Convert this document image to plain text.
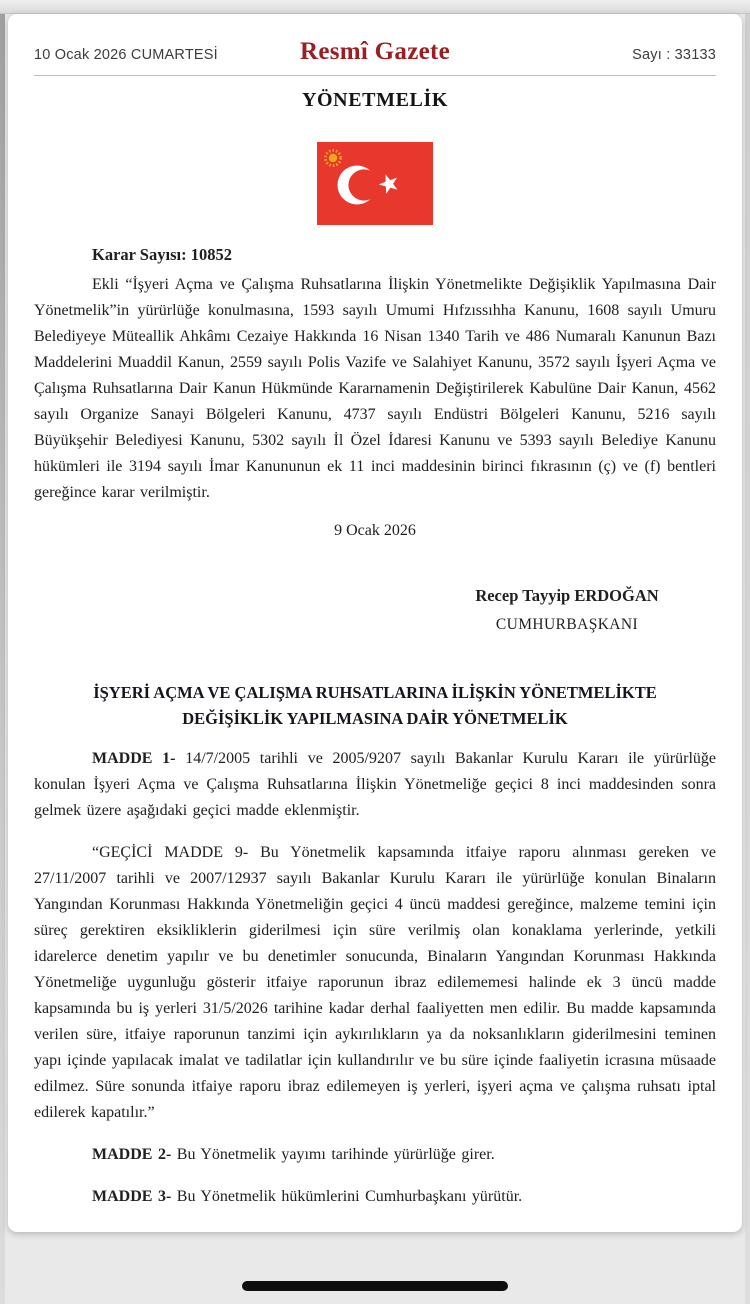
10 Ocak 2026 CUMARTESİ	Resmî Gazete	Sayı : 33133
YÖNETMELİK
Karar Sayısı: 10852

Ekli “İşyeri Açma ve Çalışma Ruhsatlarına İlişkin Yönetmelikte Değişiklik Yapılmasına Dair Yönetmelik”in yürürlüğe konulmasına, 1593 sayılı Umumi Hıfzıssıhha Kanunu, 1608 sayılı Umuru Belediyeye Müteallik Ahkâmı Cezaiye Hakkında 16 Nisan 1340 Tarih ve 486 Numaralı Kanunun Bazı Maddelerini Muaddil Kanun, 2559 sayılı Polis Vazife ve Salahiyet Kanunu, 3572 sayılı İşyeri Açma ve Çalışma Ruhsatlarına Dair Kanun Hükmünde Kararnamenin Değiştirilerek Kabulüne Dair Kanun, 4562 sayılı Organize Sanayi Bölgeleri Kanunu, 4737 sayılı Endüstri Bölgeleri Kanunu, 5216 sayılı Büyükşehir Belediyesi Kanunu, 5302 sayılı İl Özel İdaresi Kanunu ve 5393 sayılı Belediye Kanunu hükümleri ile 3194 sayılı İmar Kanununun ek 11 inci maddesinin birinci fıkrasının (ç) ve (f) bentleri gereğince karar verilmiştir.

9 Ocak 2026
Recep Tayyip ERDOĞAN
CUMHURBAŞKANI
İŞYERİ AÇMA VE ÇALIŞMA RUHSATLARINA İLİŞKİN YÖNETMELİKTE
DEĞİŞİKLİK YAPILMASINA DAİR YÖNETMELİK

MADDE 1- 14/7/2005 tarihli ve 2005/9207 sayılı Bakanlar Kurulu Kararı ile yürürlüğe konulan İşyeri Açma ve Çalışma Ruhsatlarına İlişkin Yönetmeliğe geçici 8 inci maddesinden sonra gelmek üzere aşağıdaki geçici madde eklenmiştir.

“GEÇİCİ MADDE 9- Bu Yönetmelik kapsamında itfaiye raporu alınması gereken ve 27/11/2007 tarihli ve 2007/12937 sayılı Bakanlar Kurulu Kararı ile yürürlüğe konulan Binaların Yangından Korunması Hakkında Yönetmeliğin geçici 4 üncü maddesi gereğince, malzeme temini için süreç gerektiren eksikliklerin giderilmesi için süre verilmiş olan konaklama yerlerinde, yetkili idarelerce denetim yapılır ve bu denetimler sonucunda, Binaların Yangından Korunması Hakkında Yönetmeliğe uygunluğu gösterir itfaiye raporunun ibraz edilememesi halinde ek 3 üncü madde kapsamında bu iş yerleri 31/5/2026 tarihine kadar derhal faaliyetten men edilir. Bu madde kapsamında verilen süre, itfaiye raporunun tanzimi için aykırılıkların ya da noksanlıkların giderilmesini teminen yapı içinde yapılacak imalat ve tadilatlar için kullandırılır ve bu süre içinde faaliyetin icrasına müsaade edilmez. Süre sonunda itfaiye raporu ibraz edilemeyen iş yerleri, işyeri açma ve çalışma ruhsatı iptal edilerek kapatılır.”

MADDE 2- Bu Yönetmelik yayımı tarihinde yürürlüğe girer.

MADDE 3- Bu Yönetmelik hükümlerini Cumhurbaşkanı yürütür.
